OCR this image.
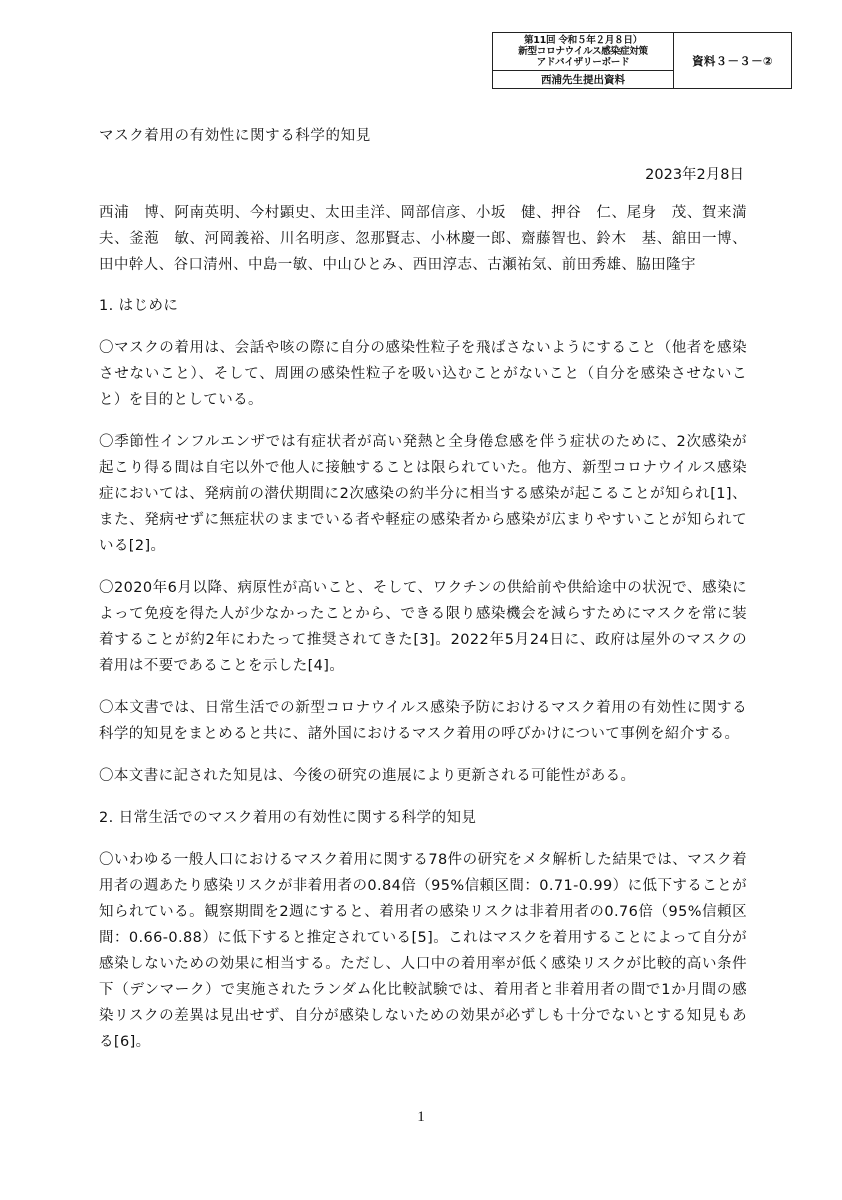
第11回 令和５年２月８日）
新型コロナウイルス感染症対策
アドバイザリーボード
西浦先生提出資料
資料３－３－②
マスク着用の有効性に関する科学的知見
2023年2月8日

西浦　博、阿南英明、今村顕史、太田圭洋、岡部信彦、小坂　健、押谷　仁、尾身　茂、賀来満夫、釜萢　敏、河岡義裕、川名明彦、忽那賢志、小林慶一郎、齋藤智也、鈴木　基、舘田一博、田中幹人、谷口清州、中島一敏、中山ひとみ、西田淳志、古瀬祐気、前田秀雄、脇田隆宇

1. はじめに

〇マスクの着用は、会話や咳の際に自分の感染性粒子を飛ばさないようにすること（他者を感染させないこと）、そして、周囲の感染性粒子を吸い込むことがないこと（自分を感染させないこと）を目的としている。

〇季節性インフルエンザでは有症状者が高い発熱と全身倦怠感を伴う症状のために、2次感染が起こり得る間は自宅以外で他人に接触することは限られていた。他方、新型コロナウイルス感染症においては、発病前の潜伏期間に2次感染の約半分に相当する感染が起こることが知られ[1]、また、発病せずに無症状のままでいる者や軽症の感染者から感染が広まりやすいことが知られている[2]。

〇2020年6月以降、病原性が高いこと、そして、ワクチンの供給前や供給途中の状況で、感染によって免疫を得た人が少なかったことから、できる限り感染機会を減らすためにマスクを常に装着することが約2年にわたって推奨されてきた[3]。2022年5月24日に、政府は屋外のマスクの着用は不要であることを示した[4]。

〇本文書では、日常生活での新型コロナウイルス感染予防におけるマスク着用の有効性に関する科学的知見をまとめると共に、諸外国におけるマスク着用の呼びかけについて事例を紹介する。

〇本文書に記された知見は、今後の研究の進展により更新される可能性がある。

2. 日常生活でのマスク着用の有効性に関する科学的知見

〇いわゆる一般人口におけるマスク着用に関する78件の研究をメタ解析した結果では、マスク着用者の週あたり感染リスクが非着用者の0.84倍（95%信頼区間：0.71-0.99）に低下することが知られている。観察期間を2週にすると、着用者の感染リスクは非着用者の0.76倍（95%信頼区間：0.66-0.88）に低下すると推定されている[5]。これはマスクを着用することによって自分が感染しないための効果に相当する。ただし、人口中の着用率が低く感染リスクが比較的高い条件下（デンマーク）で実施されたランダム化比較試験では、着用者と非着用者の間で1か月間の感染リスクの差異は見出せず、自分が感染しないための効果が必ずしも十分でないとする知見もある[6]。

1
